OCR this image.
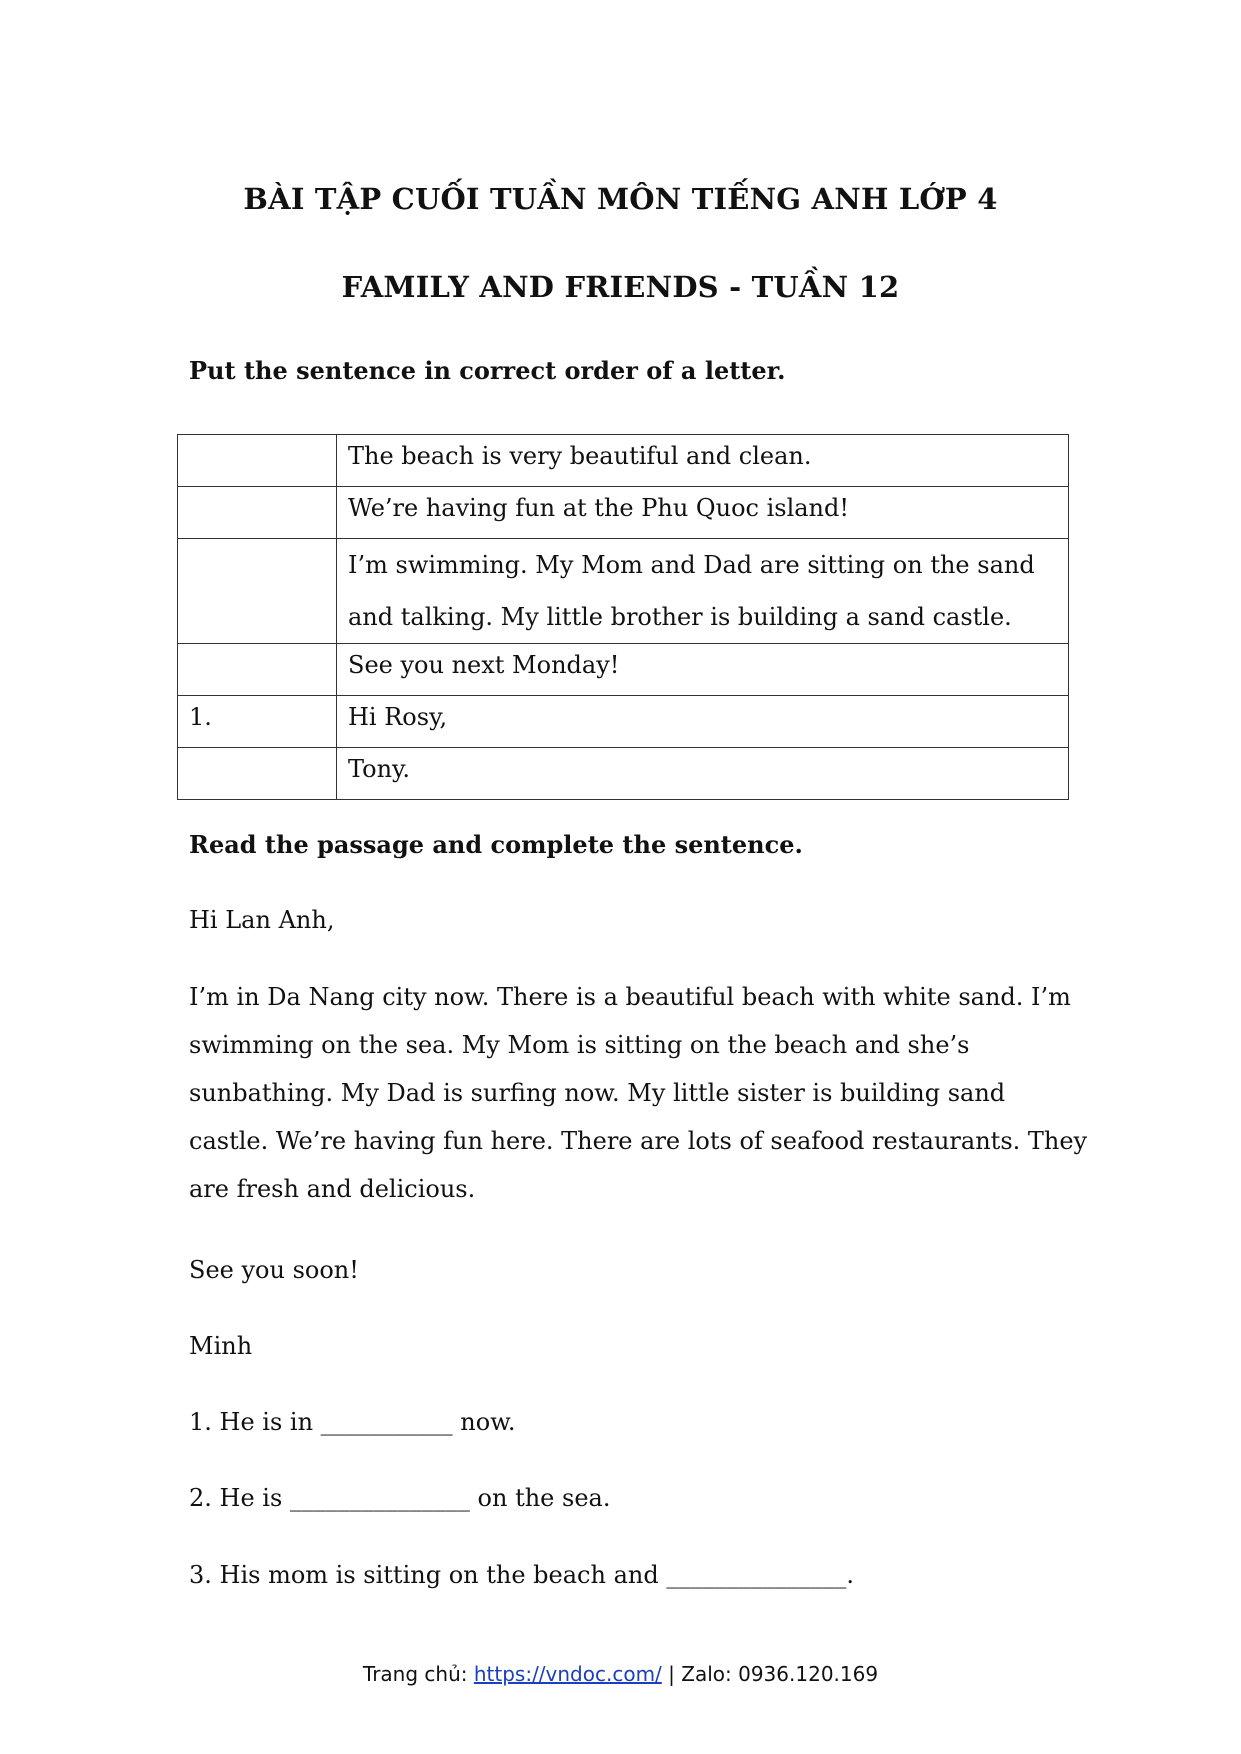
BÀI TẬP CUỐI TUẦN MÔN TIẾNG ANH LỚP 4
FAMILY AND FRIENDS - TUẦN 12
Put the sentence in correct order of a letter.
	The beach is very beautiful and clean.
	We’re having fun at the Phu Quoc island!
	I’m swimming. My Mom and Dad are sitting on the sand and talking. My little brother is building a sand castle.
	See you next Monday!
1.	Hi Rosy,
	Tony.
Read the passage and complete the sentence.
Hi Lan Anh,
I’m in Da Nang city now. There is a beautiful beach with white sand. I’m swimming on the sea. My Mom is sitting on the beach and she’s sunbathing. My Dad is surfing now. My little sister is building sand castle. We’re having fun here. There are lots of seafood restaurants. They are fresh and delicious.
See you soon!
Minh
1. He is in ___________ now.
2. He is _______________ on the sea.
3. His mom is sitting on the beach and _______________.
Trang chủ: https://vndoc.com/ | Zalo: 0936.120.169
